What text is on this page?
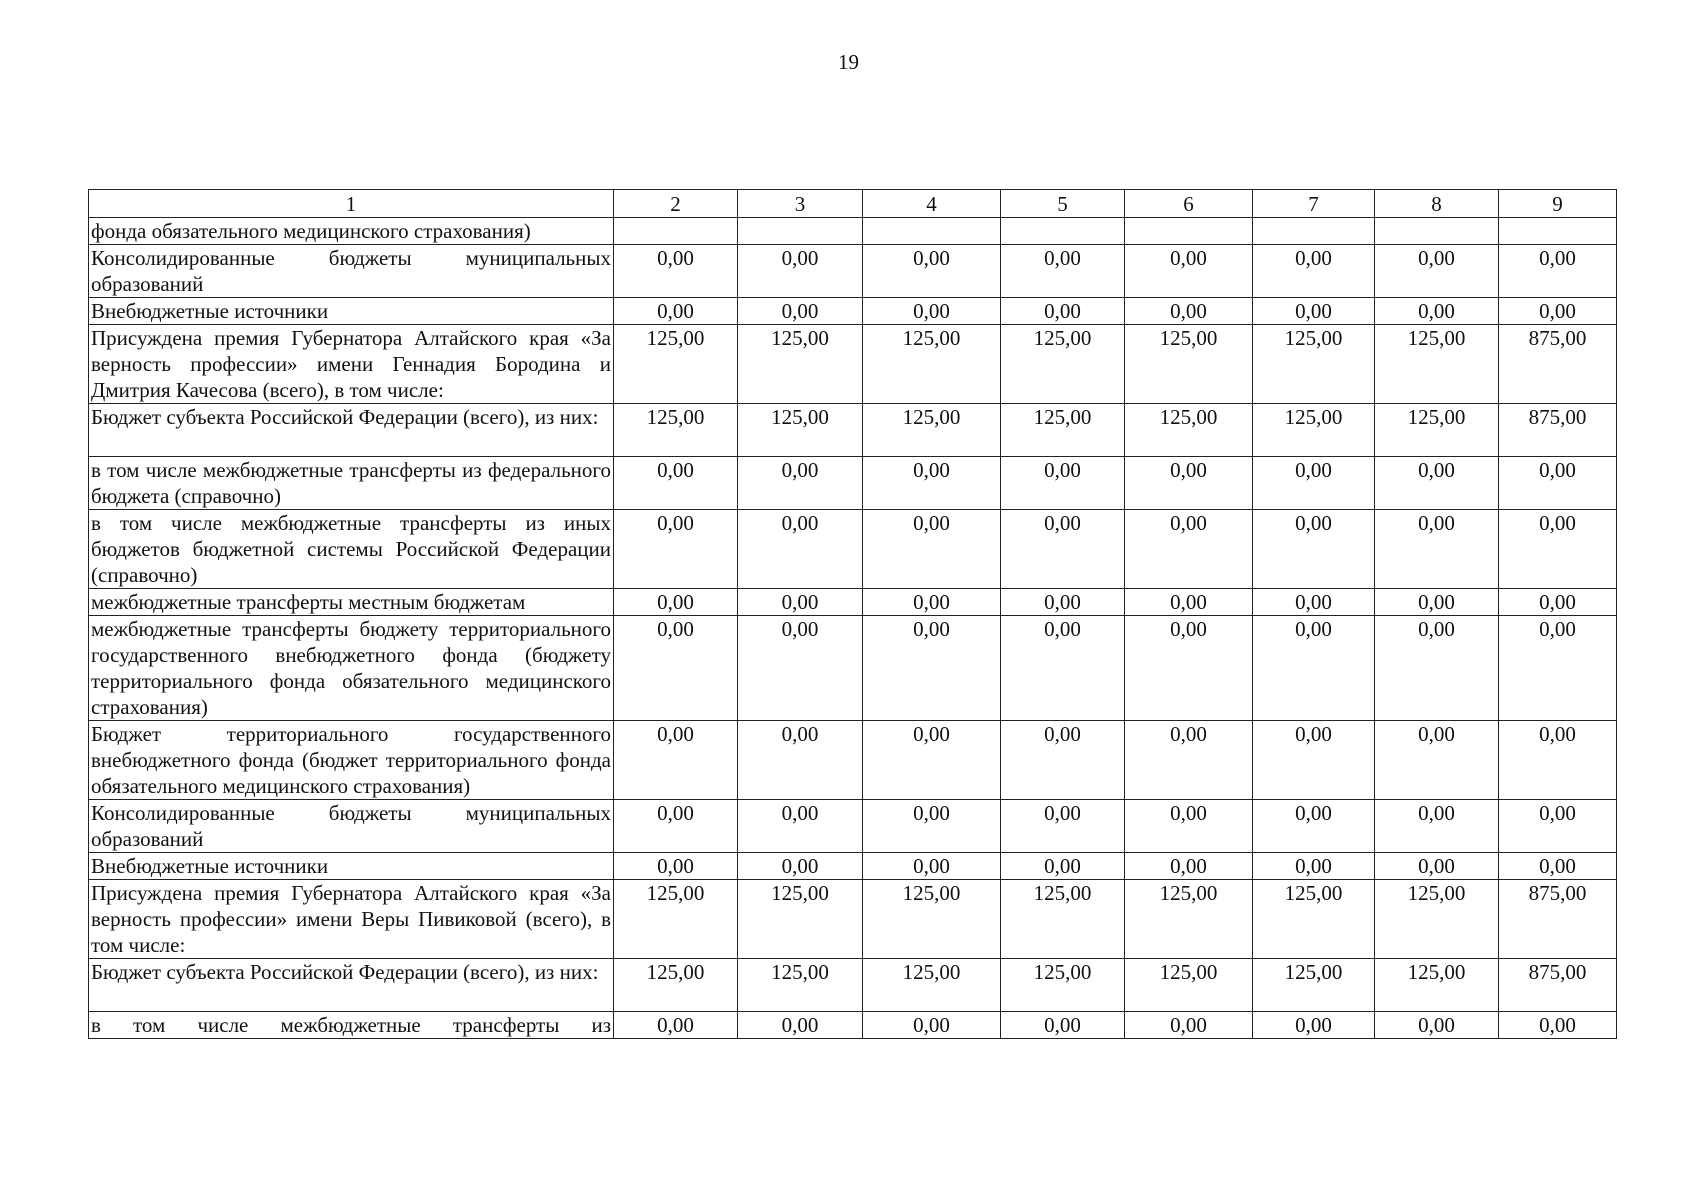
19
1	2	3	4	5	6	7	8	9
фонда обязательного медицинского страхования)								
Консолидированные бюджеты муниципальных образований	0,00	0,00	0,00	0,00	0,00	0,00	0,00	0,00
Внебюджетные источники	0,00	0,00	0,00	0,00	0,00	0,00	0,00	0,00
Присуждена премия Губернатора Алтайского края «За верность профессии» имени Геннадия Бородина и Дмитрия Качесова (всего), в том числе:	125,00	125,00	125,00	125,00	125,00	125,00	125,00	875,00
Бюджет субъекта Российской Федерации (всего), из них:	125,00	125,00	125,00	125,00	125,00	125,00	125,00	875,00
в том числе межбюджетные трансферты из федерального бюджета (справочно)	0,00	0,00	0,00	0,00	0,00	0,00	0,00	0,00
в том числе межбюджетные трансферты из иных бюджетов бюджетной системы Российской Федерации (справочно)	0,00	0,00	0,00	0,00	0,00	0,00	0,00	0,00
межбюджетные трансферты местным бюджетам	0,00	0,00	0,00	0,00	0,00	0,00	0,00	0,00
межбюджетные трансферты бюджету территориального государственного внебюджетного фонда (бюджету территориального фонда обязательного медицинского страхования)	0,00	0,00	0,00	0,00	0,00	0,00	0,00	0,00
Бюджет территориального государственного внебюджетного фонда (бюджет территориального фонда обязательного медицинского страхования)	0,00	0,00	0,00	0,00	0,00	0,00	0,00	0,00
Консолидированные бюджеты муниципальных образований	0,00	0,00	0,00	0,00	0,00	0,00	0,00	0,00
Внебюджетные источники	0,00	0,00	0,00	0,00	0,00	0,00	0,00	0,00
Присуждена премия Губернатора Алтайского края «За верность профессии» имени Веры Пивиковой (всего), в том числе:	125,00	125,00	125,00	125,00	125,00	125,00	125,00	875,00
Бюджет субъекта Российской Федерации (всего), из них:	125,00	125,00	125,00	125,00	125,00	125,00	125,00	875,00
в том числе межбюджетные трансферты из	0,00	0,00	0,00	0,00	0,00	0,00	0,00	0,00
